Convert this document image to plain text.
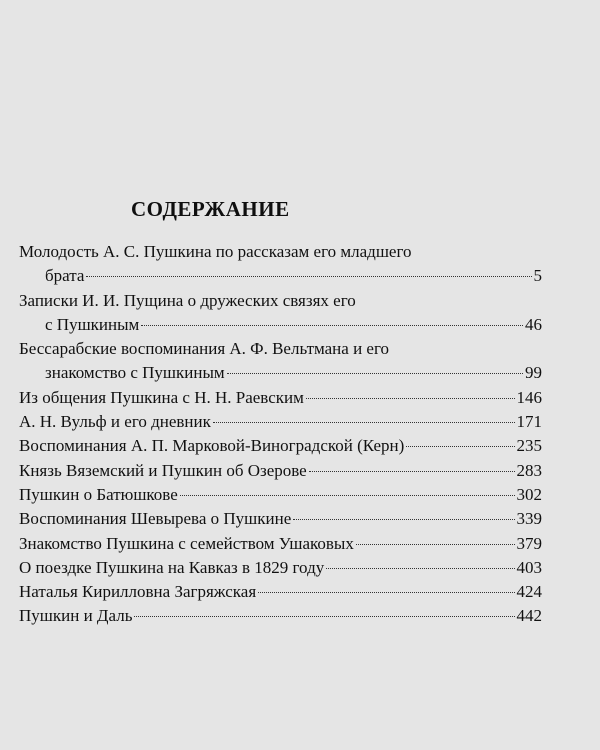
СОДЕРЖАНИЕ
Молодость А. С. Пушкина по рассказам его младшего
брата	5
Записки И. И. Пущина о дружеских связях его
с Пушкиным	46
Бессарабские воспоминания А. Ф. Вельтмана и его
знакомство с Пушкиным	99
Из общения Пушкина с Н. Н. Раевским	146
А. Н. Вульф и его дневник	171
Воспоминания А. П. Марковой-Виноградской (Керн)	235
Князь Вяземский и Пушкин об Озерове	283
Пушкин о Батюшкове	302
Воспоминания Шевырева о Пушкине	339
Знакомство Пушкина с семейством Ушаковых	379
О поездке Пушкина на Кавказ в 1829 году	403
Наталья Кирилловна Загряжская	424
Пушкин и Даль	442
